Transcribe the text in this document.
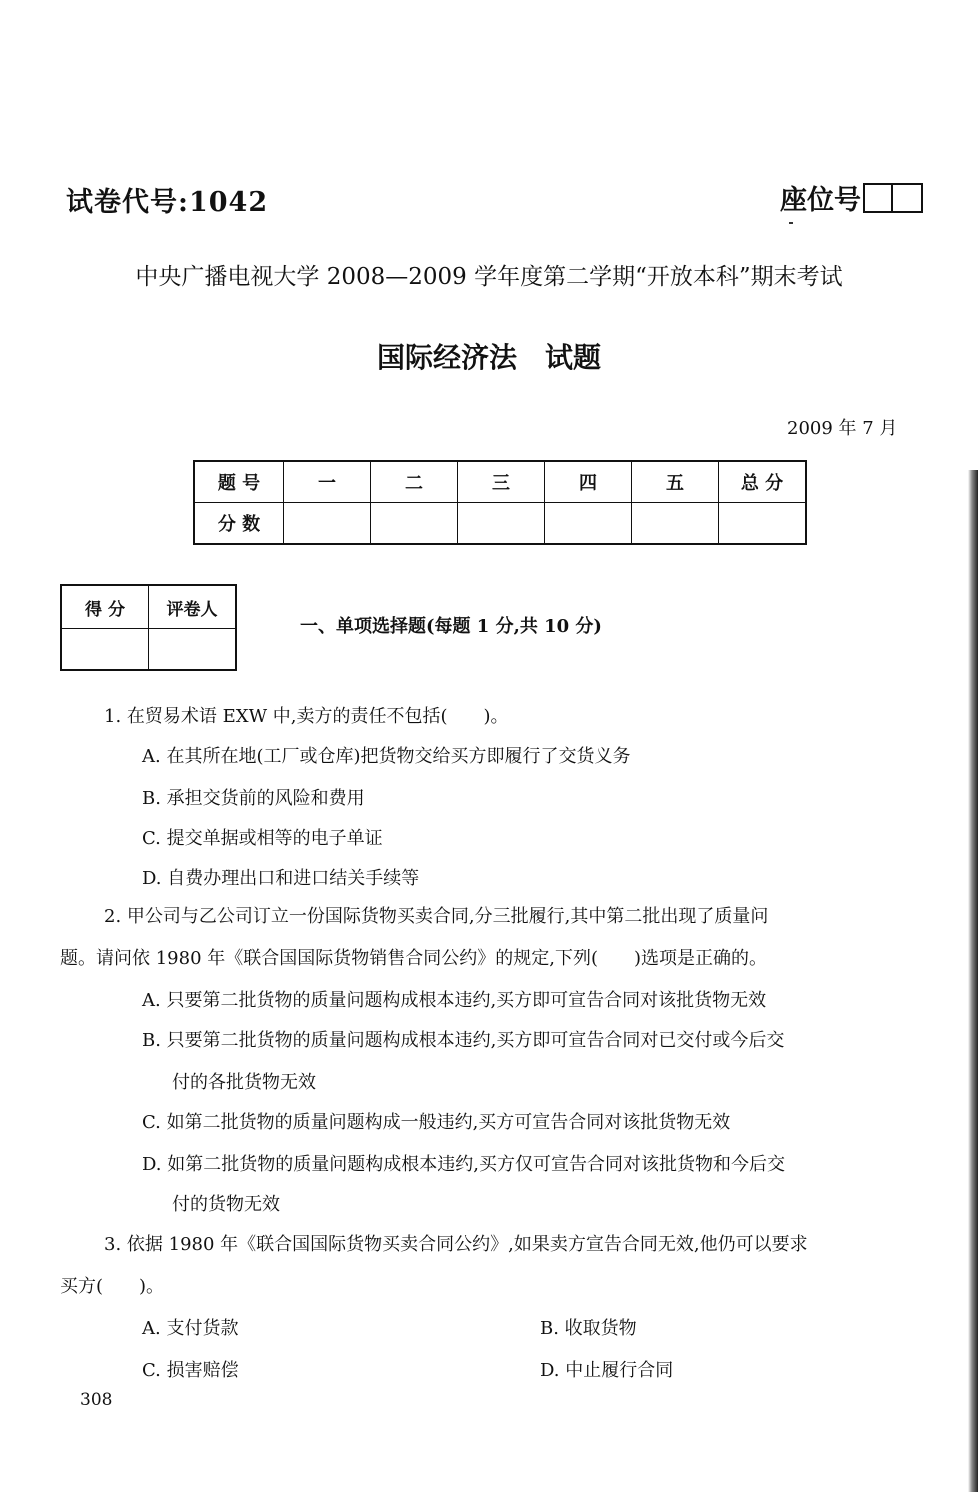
试卷代号:1042	座位号
中央广播电视大学 2008—2009 学年度第二学期“开放本科”期末考试
国际经济法　试题
2009 年 7 月
题 号	一	二	三	四	五	总 分
分 数						
得 分	评卷人

一、单项选择题(每题 1 分,共 10 分)
1. 在贸易术语 EXW 中,卖方的责任不包括(　　)。
A. 在其所在地(工厂或仓库)把货物交给买方即履行了交货义务
B. 承担交货前的风险和费用
C. 提交单据或相等的电子单证
D. 自费办理出口和进口结关手续等
2. 甲公司与乙公司订立一份国际货物买卖合同,分三批履行,其中第二批出现了质量问
题。请问依 1980 年《联合国国际货物销售合同公约》的规定,下列(　　)选项是正确的。
A. 只要第二批货物的质量问题构成根本违约,买方即可宣告合同对该批货物无效
B. 只要第二批货物的质量问题构成根本违约,买方即可宣告合同对已交付或今后交
付的各批货物无效
C. 如第二批货物的质量问题构成一般违约,买方可宣告合同对该批货物无效
D. 如第二批货物的质量问题构成根本违约,买方仅可宣告合同对该批货物和今后交
付的货物无效
3. 依据 1980 年《联合国国际货物买卖合同公约》,如果卖方宣告合同无效,他仍可以要求
买方(　　)。
A. 支付货款	B. 收取货物
C. 损害赔偿	D. 中止履行合同
308
